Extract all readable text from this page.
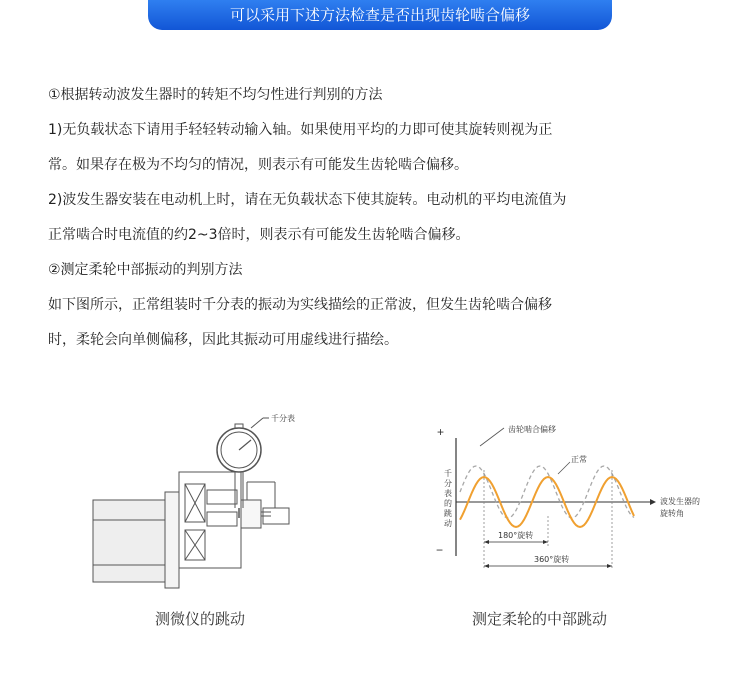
可以采用下述方法检查是否出现齿轮啮合偏移

①根据转动波发生器时的转矩不均匀性进行判别的方法

1)无负载状态下请用手轻轻转动输入轴。如果使用平均的力即可使其旋转则视为正

常。如果存在极为不均匀的情况，则表示有可能发生齿轮啮合偏移。

2)波发生器安装在电动机上时，请在无负载状态下使其旋转。电动机的平均电流值为

正常啮合时电流值的约2~3倍时，则表示有可能发生齿轮啮合偏移。

②测定柔轮中部振动的判别方法

如下图所示，正常组装时千分表的振动为实线描绘的正常波，但发生齿轮啮合偏移

时，柔轮会向单侧偏移，因此其振动可用虚线进行描绘。

千分表
测微仪的跳动
+
−
千分表的跳动
齿轮啮合偏移
正常
波发生器的
旋转角
180°旋转
360°旋转
测定柔轮的中部跳动
